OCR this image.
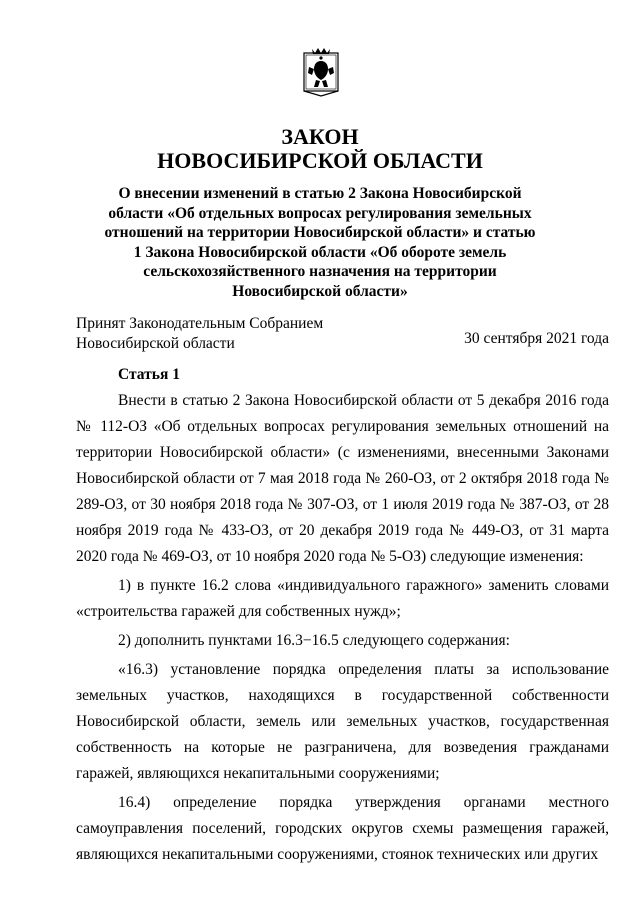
ЗАКОН
НОВОСИБИРСКОЙ ОБЛАСТИ
О внесении изменений в статью 2 Закона Новосибирской области «Об отдельных вопросах регулирования земельных отношений на территории Новосибирской области» и статью 1 Закона Новосибирской области «Об обороте земель сельскохозяйственного назначения на территории Новосибирской области»
Принят Законодательным Собранием
Новосибирской области	30 сентября 2021 года
Статья 1

Внести в статью 2 Закона Новосибирской области от 5 декабря 2016 года № 112-ОЗ «Об отдельных вопросах регулирования земельных отношений на территории Новосибирской области» (с изменениями, внесенными Законами Новосибирской области от 7 мая 2018 года № 260-ОЗ, от 2 октября 2018 года № 289-ОЗ, от 30 ноября 2018 года № 307-ОЗ, от 1 июля 2019 года № 387-ОЗ, от 28 ноября 2019 года № 433-ОЗ, от 20 декабря 2019 года № 449-ОЗ, от 31 марта 2020 года № 469-ОЗ, от 10 ноября 2020 года № 5-ОЗ) следующие изменения:

1) в пункте 16.2 слова «индивидуального гаражного» заменить словами «строительства гаражей для собственных нужд»;

2) дополнить пунктами 16.3−16.5 следующего содержания:

«16.3) установление порядка определения платы за использование земельных участков, находящихся в государственной собственности Новосибирской области, земель или земельных участков, государственная собственность на которые не разграничена, для возведения гражданами гаражей, являющихся некапитальными сооружениями;

16.4) определение порядка утверждения органами местного самоуправления поселений, городских округов схемы размещения гаражей, являющихся некапитальными сооружениями, стоянок технических или других
